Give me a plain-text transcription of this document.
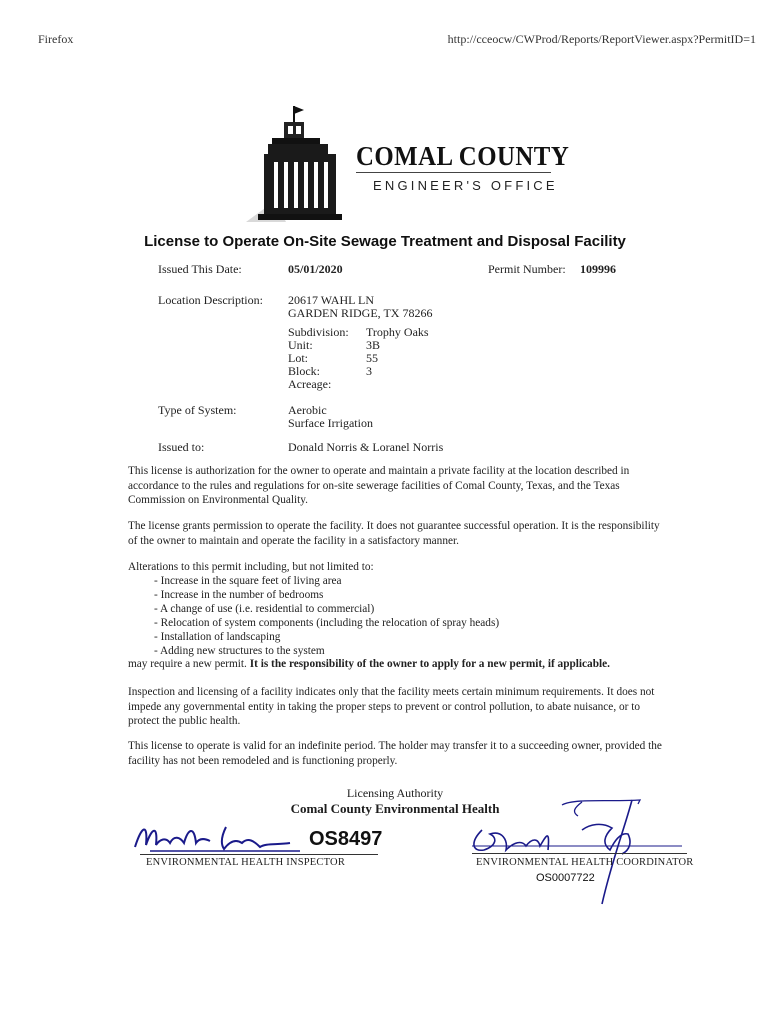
Firefox	http://cceocw/CWProd/Reports/ReportViewer.aspx?PermitID=1
COMAL COUNTY
ENGINEER'S OFFICE
License to Operate On-Site Sewage Treatment and Disposal Facility
Issued This Date:	05/01/2020	Permit Number: 109996
Location Description: 20617 WAHL LN
GARDEN RIDGE, TX 78266
Subdivision: Trophy Oaks
Unit:	3B
Lot:	55
Block:	3
Acreage:
Type of System:	Aerobic
Surface Irrigation
Issued to:	Donald Norris & Loranel Norris
This license is authorization for the owner to operate and maintain a private facility at the location described in accordance to the rules and regulations for on-site sewerage facilities of Comal County, Texas, and the Texas Commission on Environmental Quality.
The license grants permission to operate the facility. It does not guarantee successful operation. It is the responsibility of the owner to maintain and operate the facility in a satisfactory manner.
Alterations to this permit including, but not limited to:
- Increase in the square feet of living area
- Increase in the number of bedrooms
- A change of use (i.e. residential to commercial)
- Relocation of system components (including the relocation of spray heads)
- Installation of landscaping
- Adding new structures to the system
may require a new permit. It is the responsibility of the owner to apply for a new permit, if applicable.
Inspection and licensing of a facility indicates only that the facility meets certain minimum requirements. It does not impede any governmental entity in taking the proper steps to prevent or control pollution, to abate nuisance, or to protect the public health.
This license to operate is valid for an indefinite period. The holder may transfer it to a succeeding owner, provided the facility has not been remodeled and is functioning properly.
Licensing Authority
Comal County Environmental Health
OS8497
ENVIRONMENTAL HEALTH INSPECTOR	ENVIRONMENTAL HEALTH COORDINATOR
OS0007722
